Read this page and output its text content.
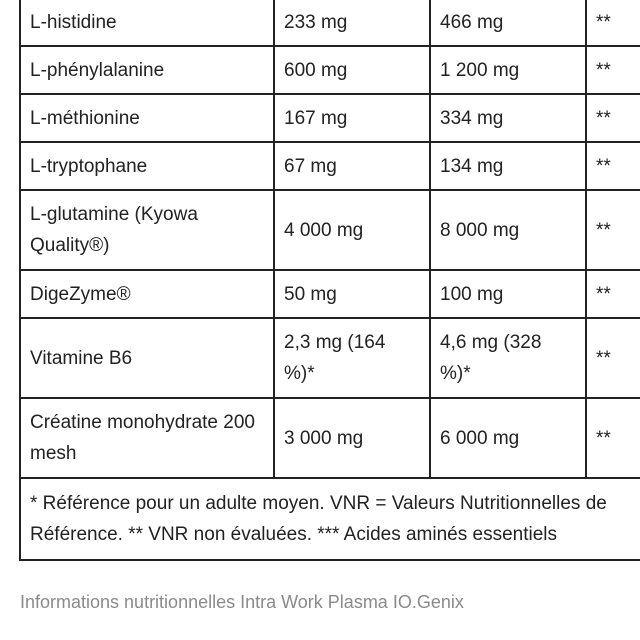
L-histidine	233 mg	466 mg	**
L-phénylalanine	600 mg	1 200 mg	**
L-méthionine	167 mg	334 mg	**
L-tryptophane	67 mg	134 mg	**
L-glutamine (Kyowa Quality®)	4 000 mg	8 000 mg	**
DigeZyme®	50 mg	100 mg	**
Vitamine B6	2,3 mg (164 %)*	4,6 mg (328 %)*	**
Créatine monohydrate 200 mesh	3 000 mg	6 000 mg	**
* Référence pour un adulte moyen. VNR = Valeurs Nutritionnelles de Référence. ** VNR non évaluées. *** Acides aminés essentiels			
Informations nutritionnelles Intra Work Plasma IO.Genix
